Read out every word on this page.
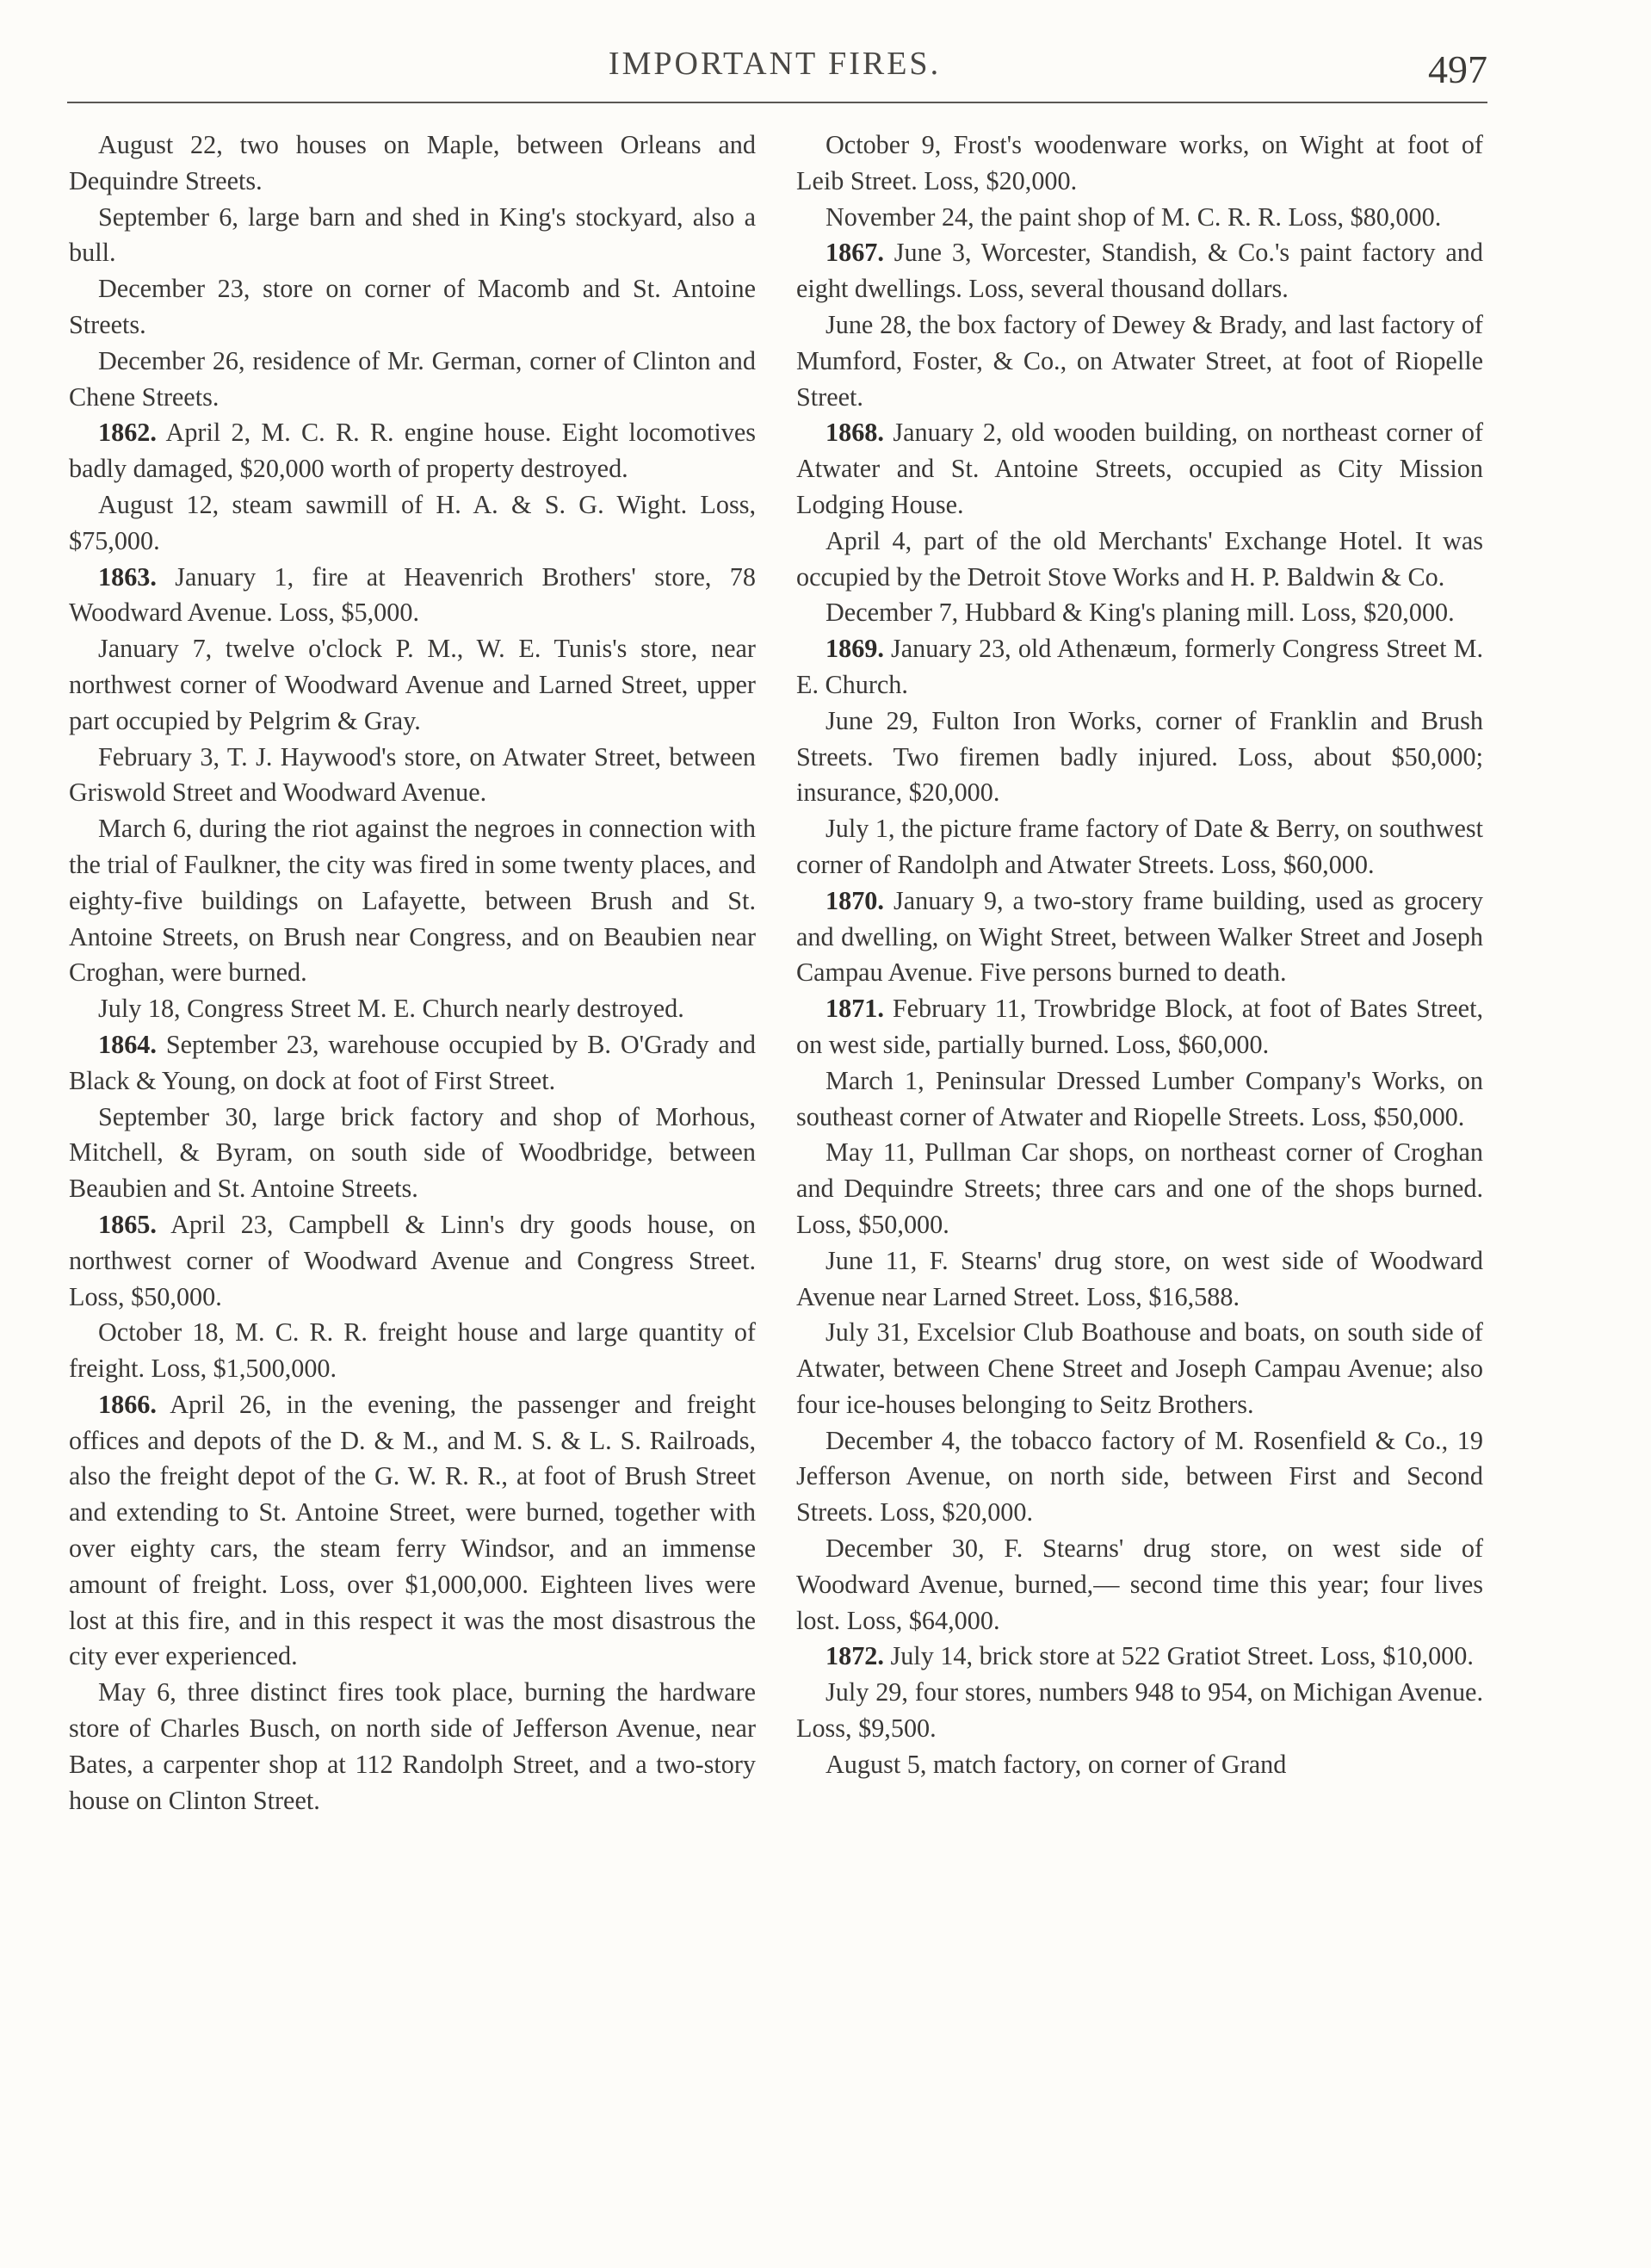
IMPORTANT FIRES.	497

August 22, two houses on Maple, between Orleans and Dequindre Streets.

September 6, large barn and shed in King's stockyard, also a bull.

December 23, store on corner of Macomb and St. Antoine Streets.

December 26, residence of Mr. German, corner of Clinton and Chene Streets.

1862. April 2, M. C. R. R. engine house. Eight locomotives badly damaged, $20,000 worth of property destroyed.

August 12, steam sawmill of H. A. & S. G. Wight. Loss, $75,000.

1863. January 1, fire at Heavenrich Brothers' store, 78 Woodward Avenue. Loss, $5,000.

January 7, twelve o'clock P. M., W. E. Tunis's store, near northwest corner of Woodward Avenue and Larned Street, upper part occupied by Pelgrim & Gray.

February 3, T. J. Haywood's store, on Atwater Street, between Griswold Street and Woodward Avenue.

March 6, during the riot against the negroes in connection with the trial of Faulkner, the city was fired in some twenty places, and eighty-five buildings on Lafayette, between Brush and St. Antoine Streets, on Brush near Congress, and on Beaubien near Croghan, were burned.

July 18, Congress Street M. E. Church nearly destroyed.

1864. September 23, warehouse occupied by B. O'Grady and Black & Young, on dock at foot of First Street.

September 30, large brick factory and shop of Morhous, Mitchell, & Byram, on south side of Woodbridge, between Beaubien and St. Antoine Streets.

1865. April 23, Campbell & Linn's dry goods house, on northwest corner of Woodward Avenue and Congress Street. Loss, $50,000.

October 18, M. C. R. R. freight house and large quantity of freight. Loss, $1,500,000.

1866. April 26, in the evening, the passenger and freight offices and depots of the D. & M., and M. S. & L. S. Railroads, also the freight depot of the G. W. R. R., at foot of Brush Street and extending to St. Antoine Street, were burned, together with over eighty cars, the steam ferry Windsor, and an immense amount of freight. Loss, over $1,000,000. Eighteen lives were lost at this fire, and in this respect it was the most disastrous the city ever experienced.

May 6, three distinct fires took place, burning the hardware store of Charles Busch, on north side of Jefferson Avenue, near Bates, a carpenter shop at 112 Randolph Street, and a two-story house on Clinton Street.

October 9, Frost's woodenware works, on Wight at foot of Leib Street. Loss, $20,000.

November 24, the paint shop of M. C. R. R. Loss, $80,000.

1867. June 3, Worcester, Standish, & Co.'s paint factory and eight dwellings. Loss, several thousand dollars.

June 28, the box factory of Dewey & Brady, and last factory of Mumford, Foster, & Co., on Atwater Street, at foot of Riopelle Street.

1868. January 2, old wooden building, on northeast corner of Atwater and St. Antoine Streets, occupied as City Mission Lodging House.

April 4, part of the old Merchants' Exchange Hotel. It was occupied by the Detroit Stove Works and H. P. Baldwin & Co.

December 7, Hubbard & King's planing mill. Loss, $20,000.

1869. January 23, old Athenæum, formerly Congress Street M. E. Church.

June 29, Fulton Iron Works, corner of Franklin and Brush Streets. Two firemen badly injured. Loss, about $50,000; insurance, $20,000.

July 1, the picture frame factory of Date & Berry, on southwest corner of Randolph and Atwater Streets. Loss, $60,000.

1870. January 9, a two-story frame building, used as grocery and dwelling, on Wight Street, between Walker Street and Joseph Campau Avenue. Five persons burned to death.

1871. February 11, Trowbridge Block, at foot of Bates Street, on west side, partially burned. Loss, $60,000.

March 1, Peninsular Dressed Lumber Company's Works, on southeast corner of Atwater and Riopelle Streets. Loss, $50,000.

May 11, Pullman Car shops, on northeast corner of Croghan and Dequindre Streets; three cars and one of the shops burned. Loss, $50,000.

June 11, F. Stearns' drug store, on west side of Woodward Avenue near Larned Street. Loss, $16,588.

July 31, Excelsior Club Boathouse and boats, on south side of Atwater, between Chene Street and Joseph Campau Avenue; also four ice-houses belonging to Seitz Brothers.

December 4, the tobacco factory of M. Rosenfield & Co., 19 Jefferson Avenue, on north side, between First and Second Streets. Loss, $20,000.

December 30, F. Stearns' drug store, on west side of Woodward Avenue, burned,— second time this year; four lives lost. Loss, $64,000.

1872. July 14, brick store at 522 Gratiot Street. Loss, $10,000.

July 29, four stores, numbers 948 to 954, on Michigan Avenue. Loss, $9,500.

August 5, match factory, on corner of Grand
